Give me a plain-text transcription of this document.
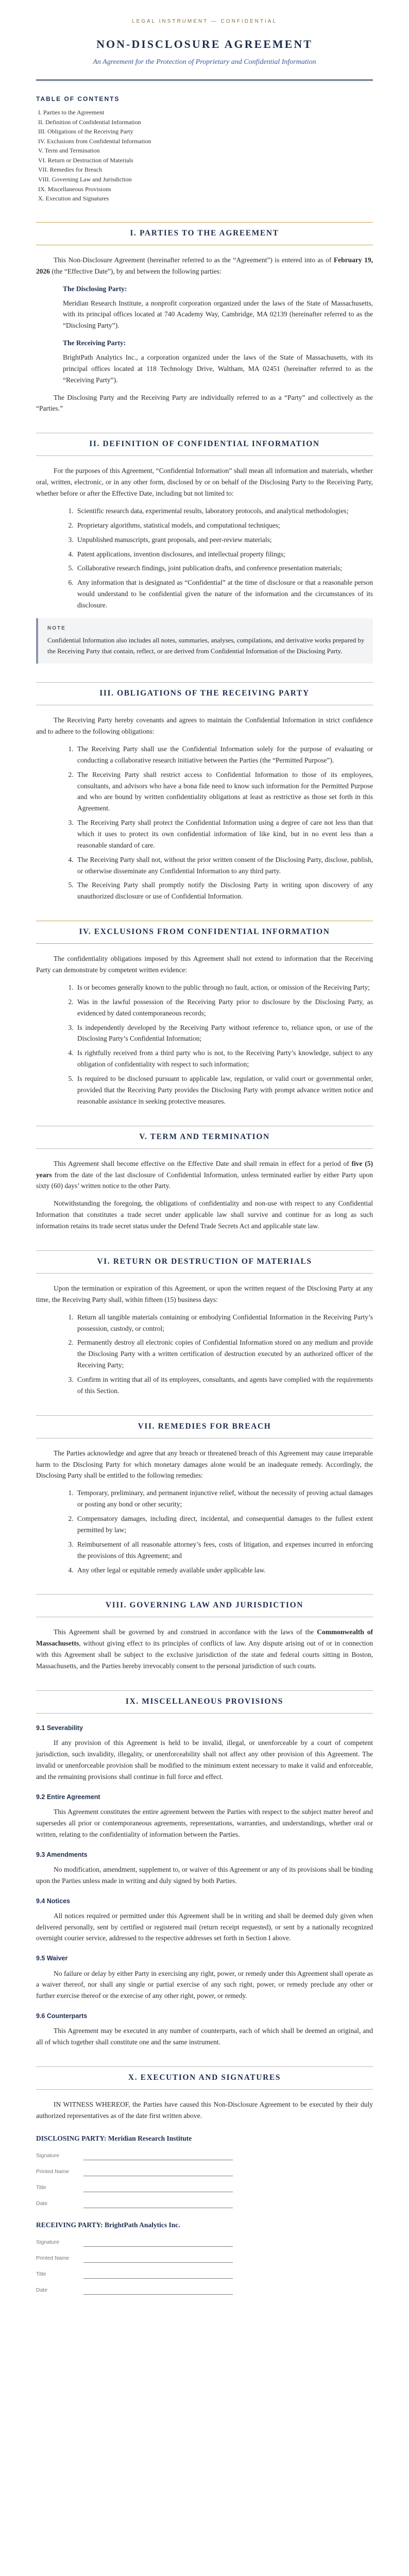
LEGAL INSTRUMENT — CONFIDENTIAL
NON-DISCLOSURE AGREEMENT
An Agreement for the Protection of Proprietary and Confidential Information
TABLE OF CONTENTS
I. Parties to the Agreement
II. Definition of Confidential Information
III. Obligations of the Receiving Party
IV. Exclusions from Confidential Information
V. Term and Termination
VI. Return or Destruction of Materials
VII. Remedies for Breach
VIII. Governing Law and Jurisdiction
IX. Miscellaneous Provisions
X. Execution and Signatures
I. PARTIES TO THE AGREEMENT

This Non-Disclosure Agreement (hereinafter referred to as the “Agreement”) is entered into as of February 19, 2026 (the “Effective Date”), by and between the following parties:

The Disclosing Party:

Meridian Research Institute, a nonprofit corporation organized under the laws of the State of Massachusetts, with its principal offices located at 740 Academy Way, Cambridge, MA 02139 (hereinafter referred to as the “Disclosing Party”).

The Receiving Party:

BrightPath Analytics Inc., a corporation organized under the laws of the State of Massachusetts, with its principal offices located at 118 Technology Drive, Waltham, MA 02451 (hereinafter referred to as the “Receiving Party”).

The Disclosing Party and the Receiving Party are individually referred to as a “Party” and collectively as the “Parties.”

II. DEFINITION OF CONFIDENTIAL INFORMATION

For the purposes of this Agreement, “Confidential Information” shall mean all information and materials, whether oral, written, electronic, or in any other form, disclosed by or on behalf of the Disclosing Party to the Receiving Party, whether before or after the Effective Date, including but not limited to:

1. Scientific research data, experimental results, laboratory protocols, and analytical methodologies;
2. Proprietary algorithms, statistical models, and computational techniques;
3. Unpublished manuscripts, grant proposals, and peer-review materials;
4. Patent applications, invention disclosures, and intellectual property filings;
5. Collaborative research findings, joint publication drafts, and conference presentation materials;
6. Any information that is designated as “Confidential” at the time of disclosure or that a reasonable person would understand to be confidential given the nature of the information and the circumstances of its disclosure.
NOTE
Confidential Information also includes all notes, summaries, analyses, compilations, and derivative works prepared by the Receiving Party that contain, reflect, or are derived from Confidential Information of the Disclosing Party.
III. OBLIGATIONS OF THE RECEIVING PARTY

The Receiving Party hereby covenants and agrees to maintain the Confidential Information in strict confidence and to adhere to the following obligations:

1. The Receiving Party shall use the Confidential Information solely for the purpose of evaluating or conducting a collaborative research initiative between the Parties (the “Permitted Purpose”).
2. The Receiving Party shall restrict access to Confidential Information to those of its employees, consultants, and advisors who have a bona fide need to know such information for the Permitted Purpose and who are bound by written confidentiality obligations at least as restrictive as those set forth in this Agreement.
3. The Receiving Party shall protect the Confidential Information using a degree of care not less than that which it uses to protect its own confidential information of like kind, but in no event less than a reasonable standard of care.
4. The Receiving Party shall not, without the prior written consent of the Disclosing Party, disclose, publish, or otherwise disseminate any Confidential Information to any third party.
5. The Receiving Party shall promptly notify the Disclosing Party in writing upon discovery of any unauthorized disclosure or use of Confidential Information.
IV. EXCLUSIONS FROM CONFIDENTIAL INFORMATION

The confidentiality obligations imposed by this Agreement shall not extend to information that the Receiving Party can demonstrate by competent written evidence:

1. Is or becomes generally known to the public through no fault, action, or omission of the Receiving Party;
2. Was in the lawful possession of the Receiving Party prior to disclosure by the Disclosing Party, as evidenced by dated contemporaneous records;
3. Is independently developed by the Receiving Party without reference to, reliance upon, or use of the Disclosing Party’s Confidential Information;
4. Is rightfully received from a third party who is not, to the Receiving Party’s knowledge, subject to any obligation of confidentiality with respect to such information;
5. Is required to be disclosed pursuant to applicable law, regulation, or valid court or governmental order, provided that the Receiving Party provides the Disclosing Party with prompt advance written notice and reasonable assistance in seeking protective measures.
V. TERM AND TERMINATION

This Agreement shall become effective on the Effective Date and shall remain in effect for a period of five (5) years from the date of the last disclosure of Confidential Information, unless terminated earlier by either Party upon sixty (60) days’ written notice to the other Party.

Notwithstanding the foregoing, the obligations of confidentiality and non-use with respect to any Confidential Information that constitutes a trade secret under applicable law shall survive and continue for as long as such information retains its trade secret status under the Defend Trade Secrets Act and applicable state law.

VI. RETURN OR DESTRUCTION OF MATERIALS

Upon the termination or expiration of this Agreement, or upon the written request of the Disclosing Party at any time, the Receiving Party shall, within fifteen (15) business days:

1. Return all tangible materials containing or embodying Confidential Information in the Receiving Party’s possession, custody, or control;
2. Permanently destroy all electronic copies of Confidential Information stored on any medium and provide the Disclosing Party with a written certification of destruction executed by an authorized officer of the Receiving Party;
3. Confirm in writing that all of its employees, consultants, and agents have complied with the requirements of this Section.
VII. REMEDIES FOR BREACH

The Parties acknowledge and agree that any breach or threatened breach of this Agreement may cause irreparable harm to the Disclosing Party for which monetary damages alone would be an inadequate remedy. Accordingly, the Disclosing Party shall be entitled to the following remedies:

1. Temporary, preliminary, and permanent injunctive relief, without the necessity of proving actual damages or posting any bond or other security;
2. Compensatory damages, including direct, incidental, and consequential damages to the fullest extent permitted by law;
3. Reimbursement of all reasonable attorney’s fees, costs of litigation, and expenses incurred in enforcing the provisions of this Agreement; and
4. Any other legal or equitable remedy available under applicable law.
VIII. GOVERNING LAW AND JURISDICTION

This Agreement shall be governed by and construed in accordance with the laws of the Commonwealth of Massachusetts, without giving effect to its principles of conflicts of law. Any dispute arising out of or in connection with this Agreement shall be subject to the exclusive jurisdiction of the state and federal courts sitting in Boston, Massachusetts, and the Parties hereby irrevocably consent to the personal jurisdiction of such courts.

IX. MISCELLANEOUS PROVISIONS
9.1 Severability

If any provision of this Agreement is held to be invalid, illegal, or unenforceable by a court of competent jurisdiction, such invalidity, illegality, or unenforceability shall not affect any other provision of this Agreement. The invalid or unenforceable provision shall be modified to the minimum extent necessary to make it valid and enforceable, and the remaining provisions shall continue in full force and effect.

9.2 Entire Agreement

This Agreement constitutes the entire agreement between the Parties with respect to the subject matter hereof and supersedes all prior or contemporaneous agreements, representations, warranties, and understandings, whether oral or written, relating to the confidentiality of information between the Parties.

9.3 Amendments

No modification, amendment, supplement to, or waiver of this Agreement or any of its provisions shall be binding upon the Parties unless made in writing and duly signed by both Parties.

9.4 Notices

All notices required or permitted under this Agreement shall be in writing and shall be deemed duly given when delivered personally, sent by certified or registered mail (return receipt requested), or sent by a nationally recognized overnight courier service, addressed to the respective addresses set forth in Section I above.

9.5 Waiver

No failure or delay by either Party in exercising any right, power, or remedy under this Agreement shall operate as a waiver thereof, nor shall any single or partial exercise of any such right, power, or remedy preclude any other or further exercise thereof or the exercise of any other right, power, or remedy.

9.6 Counterparts

This Agreement may be executed in any number of counterparts, each of which shall be deemed an original, and all of which together shall constitute one and the same instrument.

X. EXECUTION AND SIGNATURES

IN WITNESS WHEREOF, the Parties have caused this Non-Disclosure Agreement to be executed by their duly authorized representatives as of the date first written above.

DISCLOSING PARTY: Meridian Research Institute
Signature
Printed Name
Title
Date
RECEIVING PARTY: BrightPath Analytics Inc.
Signature
Printed Name
Title
Date
